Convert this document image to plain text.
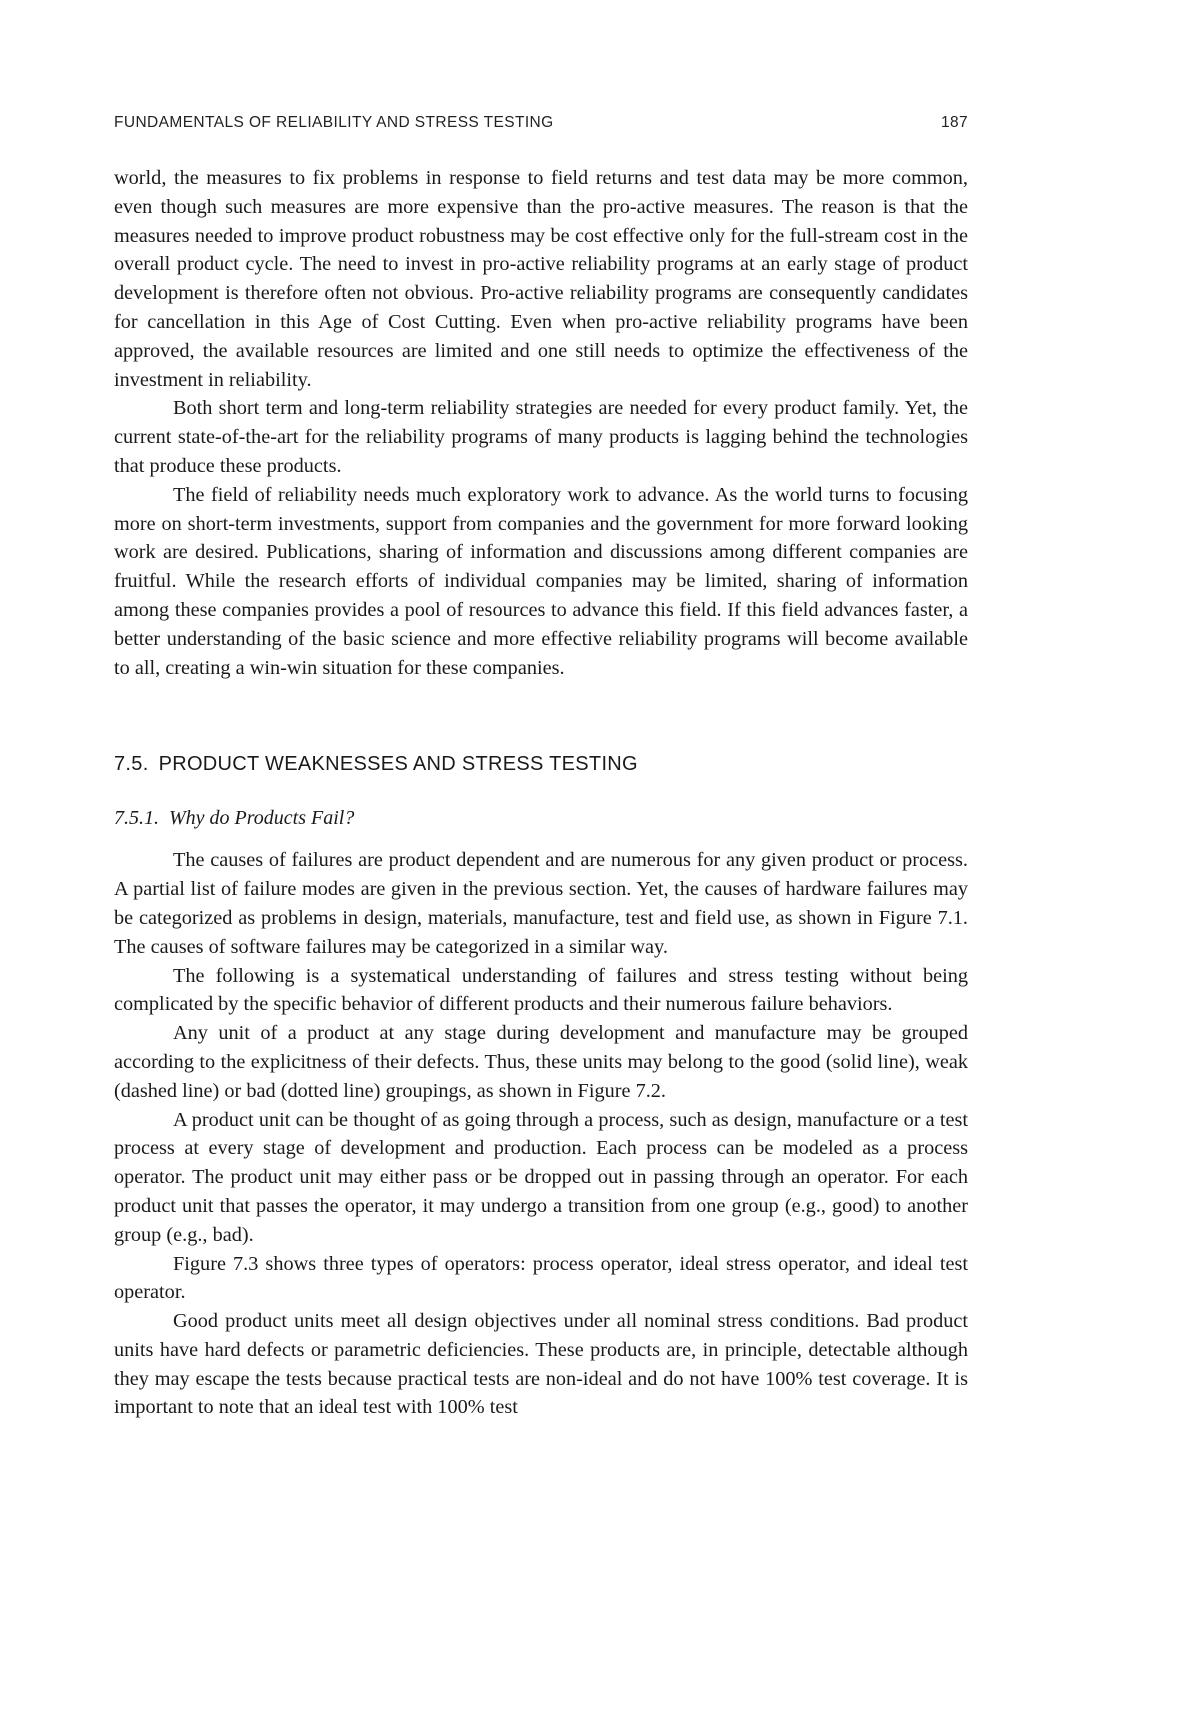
FUNDAMENTALS OF RELIABILITY AND STRESS TESTING	187

world, the measures to fix problems in response to field returns and test data may be more common, even though such measures are more expensive than the pro-active measures. The reason is that the measures needed to improve product robustness may be cost effective only for the full-stream cost in the overall product cycle. The need to invest in pro-active reliability programs at an early stage of product development is therefore often not obvious. Pro-active reliability programs are consequently candidates for cancellation in this Age of Cost Cutting. Even when pro-active reliability programs have been approved, the available resources are limited and one still needs to optimize the effectiveness of the investment in reliability.

Both short term and long-term reliability strategies are needed for every product family. Yet, the current state-of-the-art for the reliability programs of many products is lagging behind the technologies that produce these products.

The field of reliability needs much exploratory work to advance. As the world turns to focusing more on short-term investments, support from companies and the government for more forward looking work are desired. Publications, sharing of information and discussions among different companies are fruitful. While the research efforts of individual companies may be limited, sharing of information among these companies provides a pool of resources to advance this field. If this field advances faster, a better understanding of the basic science and more effective reliability programs will become available to all, creating a win-win situation for these companies.

7.5. PRODUCT WEAKNESSES AND STRESS TESTING
7.5.1. Why do Products Fail?

The causes of failures are product dependent and are numerous for any given product or process. A partial list of failure modes are given in the previous section. Yet, the causes of hardware failures may be categorized as problems in design, materials, manufacture, test and field use, as shown in Figure 7.1. The causes of software failures may be categorized in a similar way.

The following is a systematical understanding of failures and stress testing without being complicated by the specific behavior of different products and their numerous failure behaviors.

Any unit of a product at any stage during development and manufacture may be grouped according to the explicitness of their defects. Thus, these units may belong to the good (solid line), weak (dashed line) or bad (dotted line) groupings, as shown in Figure 7.2.

A product unit can be thought of as going through a process, such as design, manufacture or a test process at every stage of development and production. Each process can be modeled as a process operator. The product unit may either pass or be dropped out in passing through an operator. For each product unit that passes the operator, it may undergo a transition from one group (e.g., good) to another group (e.g., bad).

Figure 7.3 shows three types of operators: process operator, ideal stress operator, and ideal test operator.

Good product units meet all design objectives under all nominal stress conditions. Bad product units have hard defects or parametric deficiencies. These products are, in principle, detectable although they may escape the tests because practical tests are non-ideal and do not have 100% test coverage. It is important to note that an ideal test with 100% test
